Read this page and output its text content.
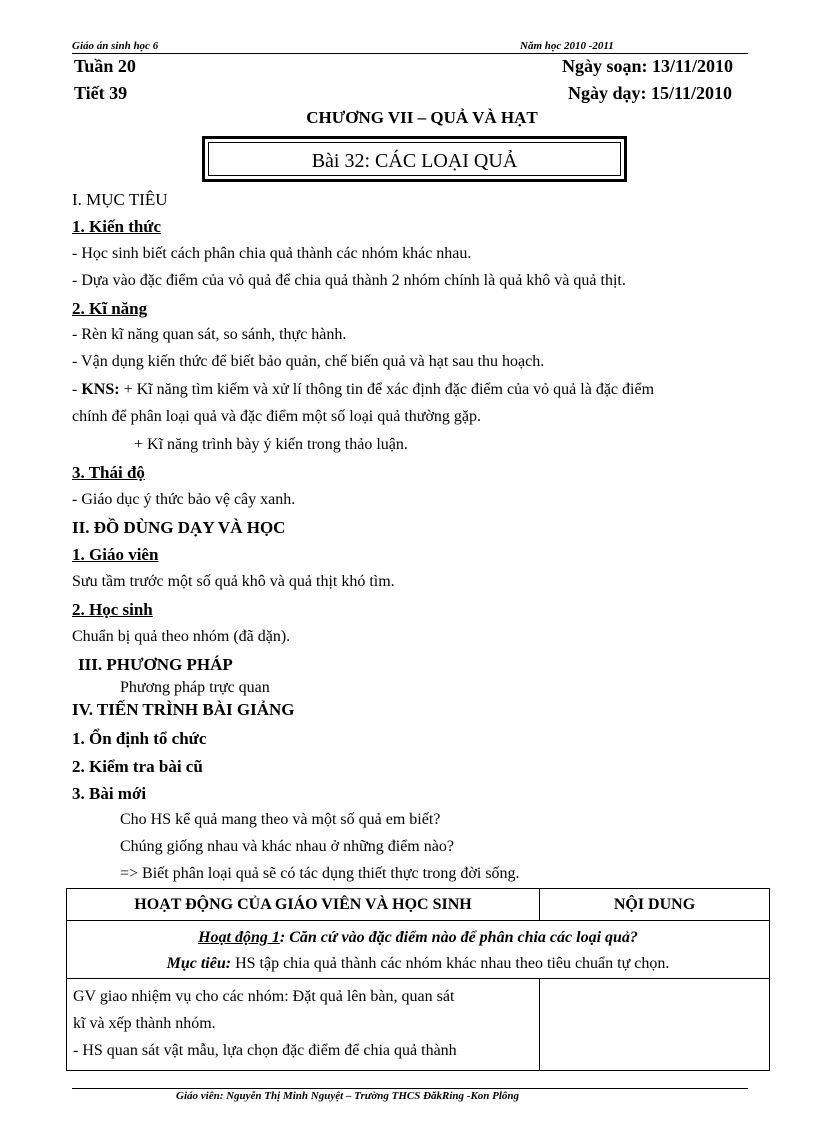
Giáo án sinh học 6	Năm học 2010 -2011
Tuần 20	Ngày soạn: 13/11/2010
Tiết 39	Ngày dạy: 15/11/2010
CHƯƠNG VII – QUẢ VÀ HẠT
Bài 32: CÁC LOẠI QUẢ
I. MỤC TIÊU
1. Kiến thức
- Học sinh biết cách phân chia quả thành các nhóm khác nhau.
- Dựa vào đặc điểm của vỏ quả để chia quả thành 2 nhóm chính là quả khô và quả thịt.
2. Kĩ năng
- Rèn kĩ năng quan sát, so sánh, thực hành.
- Vận dụng kiến thức để biết bảo quản, chế biến quả và hạt sau thu hoạch.
- KNS: + Kĩ năng tìm kiếm và xử lí thông tin để xác định đặc điểm của vỏ quả là đặc điểm
chính để phân loại quả và đặc điểm một số loại quả thường gặp.
+ Kĩ năng trình bày ý kiến trong thảo luận.
3. Thái độ
- Giáo dục ý thức bảo vệ cây xanh.
II. ĐỒ DÙNG DẠY VÀ HỌC
1. Giáo viên
Sưu tầm trước một số quả khô và quả thịt khó tìm.
2. Học sinh
Chuẩn bị quả theo nhóm (đã dặn).
III. PHƯƠNG PHÁP
Phương pháp trực quan
IV. TIẾN TRÌNH BÀI GIẢNG
1. Ổn định tổ chức
2. Kiểm tra bài cũ
3. Bài mới
Cho HS kể quả mang theo và một số quả em biết?
Chúng giống nhau và khác nhau ở những điểm nào?
=> Biết phân loại quả sẽ có tác dụng thiết thực trong đời sống.
HOẠT ĐỘNG CỦA GIÁO VIÊN VÀ HỌC SINH	NỘI DUNG

Hoạt động 1: Căn cứ vào đặc điểm nào để phân chia các loại quả?
Mục tiêu: HS tập chia quả thành các nhóm khác nhau theo tiêu chuẩn tự chọn.	

GV giao nhiệm vụ cho các nhóm: Đặt quả lên bàn, quan sát
kĩ và xếp thành nhóm.
- HS quan sát vật mẫu, lựa chọn đặc điểm để chia quả thành	

Giáo viên: Nguyễn Thị Minh Nguyệt – Trường THCS ĐăkRing -Kon Plông
